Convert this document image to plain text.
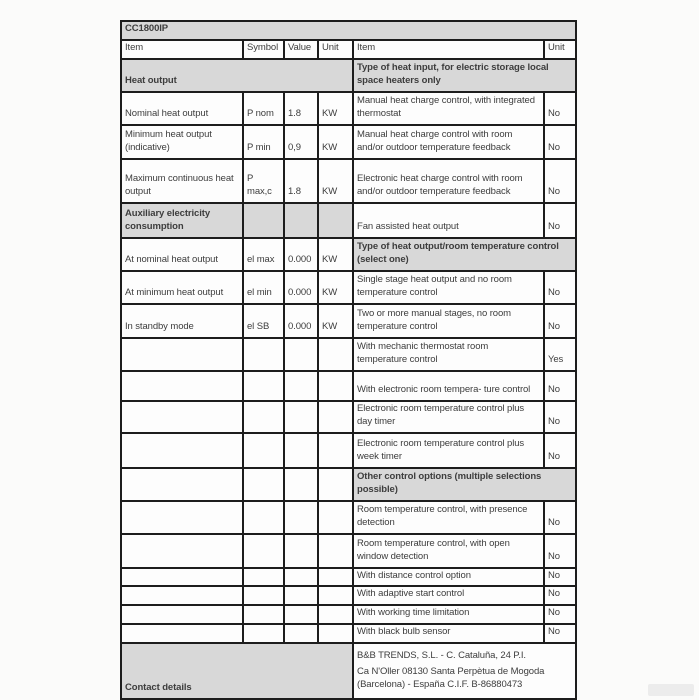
CC1800IP					
Item	Symbol	Value	Unit	Item	Unit
Heat output				Type of heat input, for electric storage local space heaters only	
Nominal heat output	P nom	1.8	KW	Manual heat charge control, with integrated thermostat	No
Minimum heat output (indicative)	P min	0,9	KW	Manual heat charge control with room and/or outdoor temperature feedback	No
Maximum continuous heat output	P max,c	1.8	KW	Electronic heat charge control with room and/or outdoor temperature feedback	No
Auxiliary electricity consumption				Fan assisted heat output	No
At nominal heat output	el max	0.000	KW	Type of heat output/room temperature control (select one)	
At minimum heat output	el min	0.000	KW	Single stage heat output and no room temperature control	No
In standby mode	el SB	0.000	KW	Two or more manual stages, no room temperature control	No
				With mechanic thermostat room temperature control	Yes
				With electronic room tempera- ture control	No
				Electronic room temperature control plus day timer	No
				Electronic room temperature control plus week timer	No
				Other control options (multiple selections possible)	
				Room temperature control, with presence detection	No
				Room temperature control, with open window detection	No
				With distance control option	No
				With adaptive start control	No
				With working time limitation	No
				With black bulb sensor	No
Contact details				B&B TRENDS, S.L. - C. Cataluña, 24 P.I.

Ca N'Oller 08130 Santa Perpètua de Mogoda (Barcelona) - España C.I.F. B-86880473	
